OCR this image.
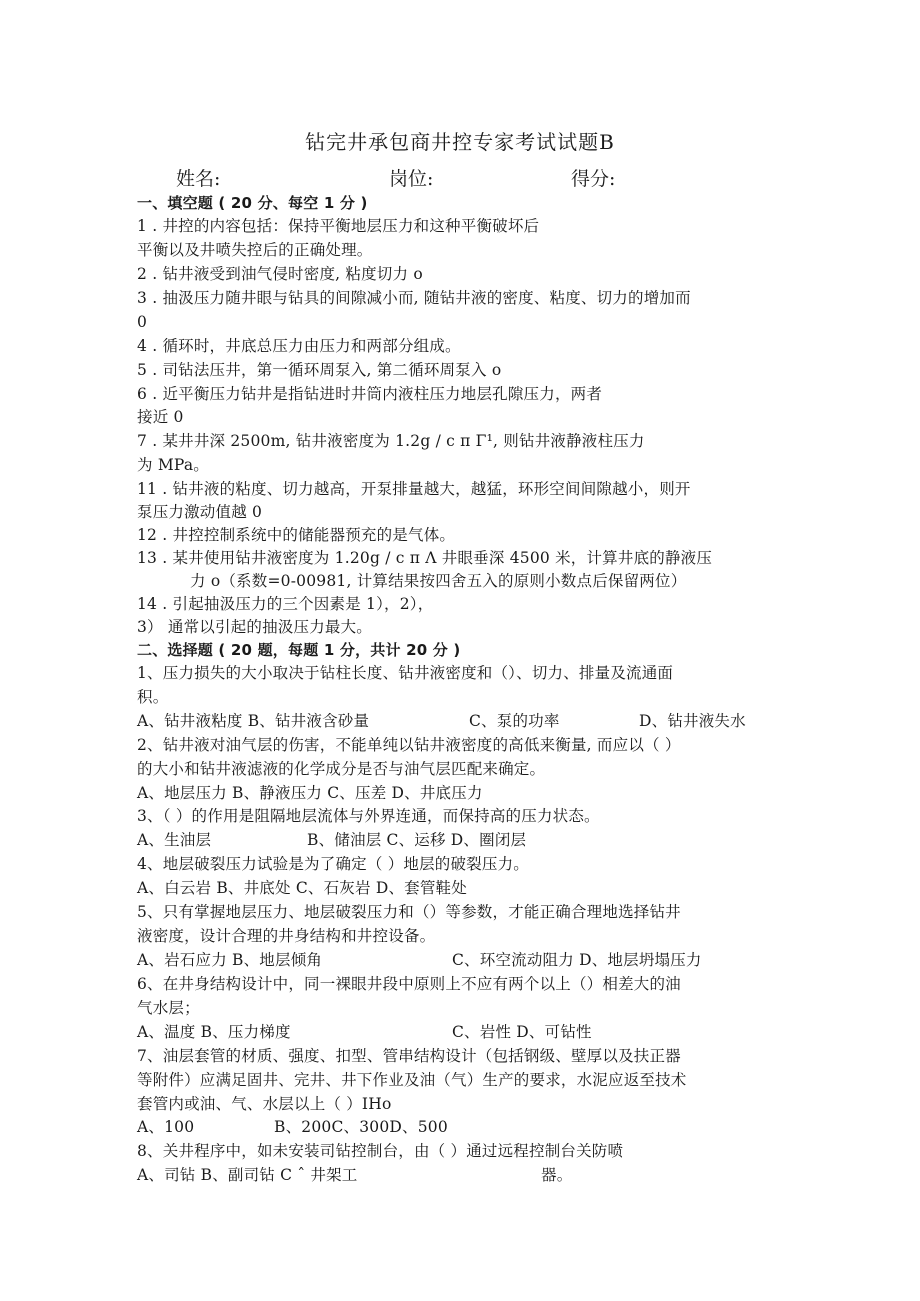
钻完井承包商井控专家考试试题B
姓名:	岗位:	得分:
一、填空题 ( 20 分、每空 1 分 )
1 . 井控的内容包括：保持平衡地层压力和这种平衡破坏后
平衡以及井喷失控后的正确处理。
2 . 钻井液受到油气侵时密度, 粘度切力 o
3 . 抽汲压力随井眼与钻具的间隙减小而, 随钻井液的密度、粘度、切力的增加而
0
4 . 循环时，井底总压力由压力和两部分组成。
5 . 司钻法压井，第一循环周泵入, 第二循环周泵入 o
6 . 近平衡压力钻井是指钻进时井筒内液柱压力地层孔隙压力，两者
接近 0
7 . 某井井深 2500m, 钻井液密度为 1.2g / c π Γ¹, 则钻井液静液柱压力
为 MPa。
11 . 钻井液的粘度、切力越高，开泵排量越大，越猛，环形空间间隙越小，则开
泵压力激动值越 0
12 . 井控控制系统中的储能器预充的是气体。
13 . 某井使用钻井液密度为 1.20g / c π Λ 井眼垂深 4500 米，计算井底的静液压
力 o（系数=0-00981, 计算结果按四舍五入的原则小数点后保留两位）
14 . 引起抽汲压力的三个因素是 1），2），
3） 通常以引起的抽汲压力最大。
二、选择题 ( 20 题，每题 1 分，共计 20 分 )
1、压力损失的大小取决于钻柱长度、钻井液密度和（）、切力、排量及流通面
积。
A、钻井液粘度 B、钻井液含砂量	C、泵的功率	D、钻井液失水
2、钻井液对油气层的伤害，不能单纯以钻井液密度的高低来衡量, 而应以（ ）
的大小和钻井液滤液的化学成分是否与油气层匹配来确定。
A、地层压力 B、静液压力 C、压差 D、井底压力
3、（ ）的作用是阻隔地层流体与外界连通，而保持高的压力状态。
A、生油层	B、储油层 C、运移 D、圈闭层
4、地层破裂压力试验是为了确定（ ）地层的破裂压力。
A、白云岩 B、井底处 C、石灰岩 D、套管鞋处
5、只有掌握地层压力、地层破裂压力和（）等参数，才能正确合理地选择钻井
液密度，设计合理的井身结构和井控设备。
A、岩石应力 B、地层倾角	C、环空流动阻力 D、地层坍塌压力
6、在井身结构设计中，同一裸眼井段中原则上不应有两个以上（）相差大的油
气水层；
A、温度 B、压力梯度	C、岩性 D、可钻性
7、油层套管的材质、强度、扣型、管串结构设计（包括钢级、壁厚以及扶正器
等附件）应满足固井、完井、井下作业及油（气）生产的要求，水泥应返至技术
套管内或油、气、水层以上（ ）IHo
A、100	B、200C、300D、500
8、关井程序中，如未安装司钻控制台，由（ ）通过远程控制台关防喷
A、司钻 B、副司钻 C ˆ 井架工	器。
